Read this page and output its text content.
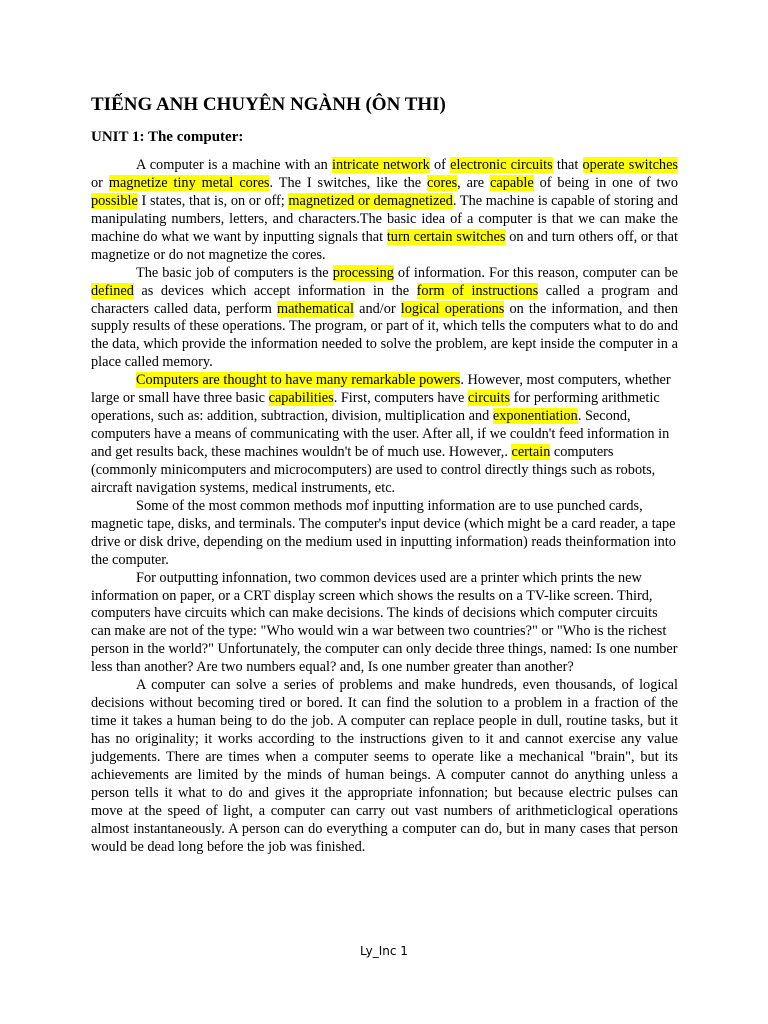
TIẾNG ANH CHUYÊN NGÀNH (ÔN THI)
UNIT 1: The computer:

A computer is a machine with an intricate network of electronic circuits that operate switches or magnetize tiny metal cores. The I switches, like the cores, are capable of being in one of two possible I states, that is, on or off; magnetized or demagnetized. The machine is capable of storing and manipulating numbers, letters, and characters.The basic idea of a computer is that we can make the machine do what we want by inputting signals that turn certain switches on and turn others off, or that magnetize or do not magnetize the cores.

The basic job of computers is the processing of information. For this reason, computer can be defined as devices which accept information in the form of instructions called a program and characters called data, perform mathematical and/or logical operations on the information, and then supply results of these operations. The program, or part of it, which tells the computers what to do and the data, which provide the information needed to solve the problem, are kept inside the computer in a place called memory.

Computers are thought to have many remarkable powers. However, most computers, whether large or small have three basic capabilities. First, computers have circuits for performing arithmetic operations, such as: addition, subtraction, division, multiplication and exponentiation. Second, computers have a means of communicating with the user. After all, if we couldn't feed information in and get results back, these machines wouldn't be of much use. However,. certain computers (commonly minicomputers and microcomputers) are used to control directly things such as robots, aircraft navigation systems, medical instruments, etc.

Some of the most common methods mof inputting information are to use punched cards, magnetic tape, disks, and terminals. The computer's input device (which might be a card reader, a tape drive or disk drive, depending on the medium used in inputting information) reads theinformation into the computer.

For outputting infonnation, two common devices used are a printer which prints the new information on paper, or a CRT display screen which shows the results on a TV-like screen. Third, computers have circuits which can make decisions. The kinds of decisions which computer circuits can make are not of the type: "Who would win a war between two countries?" or "Who is the richest person in the world?" Unfortunately, the computer can only decide three things, named: Is one number less than another? Are two numbers equal? and, Is one number greater than another?

A computer can solve a series of problems and make hundreds, even thousands, of logical decisions without becoming tired or bored. It can find the solution to a problem in a fraction of the time it takes a human being to do the job. A computer can replace people in dull, routine tasks, but it has no originality; it works according to the instructions given to it and cannot exercise any value judgements. There are times when a computer seems to operate like a mechanical "brain", but its achievements are limited by the minds of human beings. A computer cannot do anything unless a person tells it what to do and gives it the appropriate infonnation; but because electric pulses can move at the speed of light, a computer can carry out vast numbers of arithmeticlogical operations almost instantaneously. A person can do everything a computer can do, but in many cases that person would be dead long before the job was finished.

Ly_Inc 1
